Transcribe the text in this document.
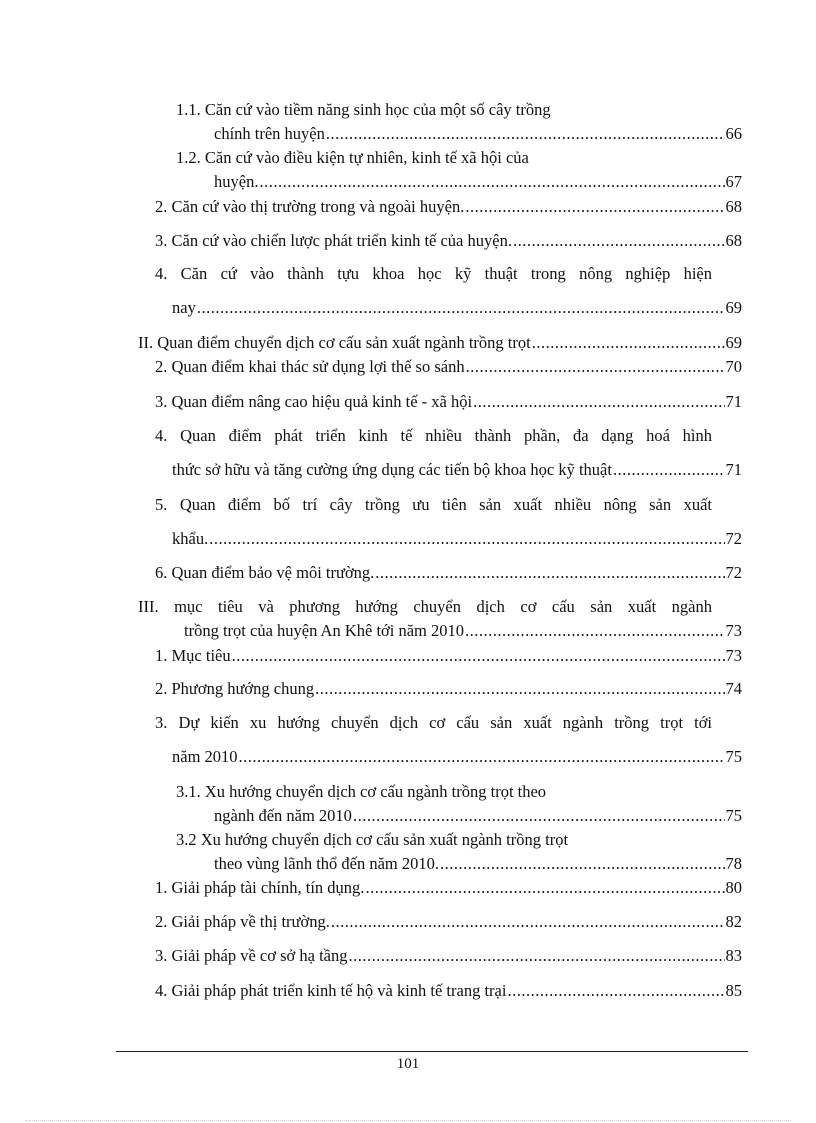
1.1. Căn cứ vào tiềm năng sinh học của một số cây trồng
chính trên huyện .....	66
1.2. Căn cứ vào điều kiện tự nhiên, kinh tế xã hội của
huyện. .....	67
2. Căn cứ vào thị trường trong và ngoài huyện. .....	68
3. Căn cứ vào chiến lược phát triển kinh tế của huyện. .....	68
4. Căn cứ vào thành tựu khoa học kỹ thuật trong nông nghiệp hiện
nay .....	69
II. Quan điểm chuyển dịch cơ cấu sản xuất ngành trồng trọt .....	69
2. Quan điểm khai thác sử dụng lợi thế so sánh .....	70
3. Quan điểm nâng cao hiệu quả kinh tế - xã hội .....	71
4. Quan điểm phát triển kinh tế nhiều thành phần, đa dạng hoá hình
thức sở hữu và tăng cường ứng dụng các tiến bộ khoa học kỹ thuật .....	71
5. Quan điểm bố trí cây trồng ưu tiên sản xuất nhiều nông sản xuất
khẩu. .....	72
6. Quan điểm bảo vệ môi trường. .....	72
III. mục tiêu và phương hướng chuyển dịch cơ cấu sản xuất ngành
trồng trọt của huyện An Khê tới năm 2010 .....	73
1. Mục tiêu .....	73
2. Phương hướng chung .....	74
3. Dự kiến xu hướng chuyển dịch cơ cấu sản xuất ngành trồng trọt tới
năm 2010 .....	75
3.1. Xu hướng chuyển dịch cơ cấu ngành trồng trọt theo
ngành đến năm 2010 .....	75
3.2 Xu hướng chuyển dịch cơ cấu sản xuất ngành trồng trọt
theo vùng lãnh thổ đến năm 2010. .....	78
1. Giải pháp tài chính, tín dụng. .....	80
2. Giải pháp về thị trường. .....	82
3. Giải pháp về cơ sở hạ tầng .....	83
4. Giải pháp phát triển kinh tế hộ và kinh tế trang trại .....	85
101
